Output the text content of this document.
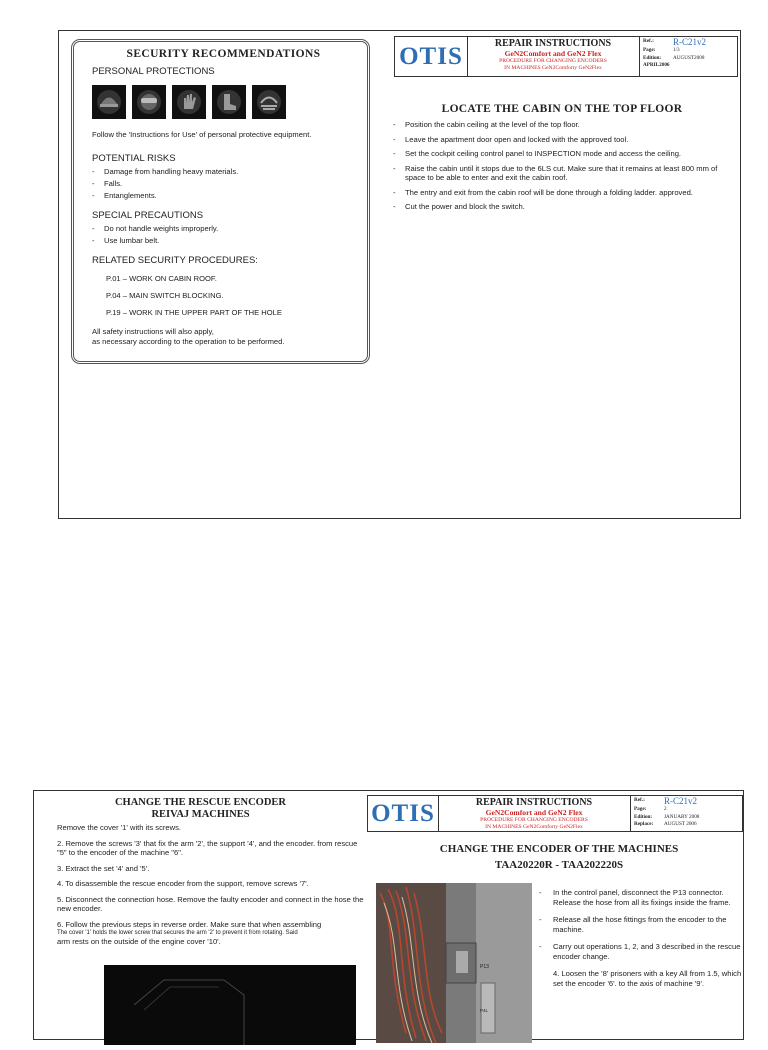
SECURITY RECOMMENDATIONS
PERSONAL PROTECTIONS
Follow the 'Instructions for Use' of personal protective equipment.
POTENTIAL RISKS
- Damage from handling heavy materials.
- Falls.
- Entanglements.
SPECIAL PRECAUTIONS
- Do not handle weights improperly.
- Use lumbar belt.
RELATED SECURITY PROCEDURES:
P.01 – WORK ON CABIN ROOF.
P.04 – MAIN SWITCH BLOCKING.
P.19 – WORK IN THE UPPER PART OF THE HOLE
All safety instructions will also apply,
as necessary according to the operation to be performed.
OTIS	REPAIR INSTRUCTIONS
GeN2Comfort and GeN2 Flex
PROCEDURE FOR CHANGING ENCODERS
IN MACHINES GeN2Comforty GeN2Flex
Ref.:	R-C21v2
Page:	1/3
Edition:	AUGUST2008
APRIL2006
LOCATE THE CABIN ON THE TOP FLOOR
- Position the cabin ceiling at the level of the top floor.
- Leave the apartment door open and locked with the approved tool.
- Set the cockpit ceiling control panel to INSPECTION mode and access the ceiling.
- Raise the cabin until it stops due to the 6LS cut. Make sure that it remains at least 800 mm of space to be able to enter and exit the cabin roof.
- The entry and exit from the cabin roof will be done through a folding ladder. approved.
- Cut the power and block the switch.
CHANGE THE RESCUE ENCODER
REIVAJ MACHINES

Remove the cover '1' with its screws.

2. Remove the screws '3' that fix the arm '2', the support '4', and the encoder. from rescue "5" to the encoder of the machine "6".

3. Extract the set '4' and '5'.

4. To disassemble the rescue encoder from the support, remove screws '7'.

5. Disconnect the connection hose. Remove the faulty encoder and connect in the hose the new encoder.

6. Follow the previous steps in reverse order. Make sure that when assembling

The cover '1' holds the lower screw that secures the arm '2' to prevent it from rotating. Said

arm rests on the outside of the engine cover '10'.

OTIS	REPAIR INSTRUCTIONS
GeN2Comfort and GeN2 Flex
PROCEDURE FOR CHANGING ENCODERS
IN MACHINES GeN2Comforty GeN2Flex
Ref.:	R-C21v2
Page:	2
Edition:	JANUARY 2008
Replace:	AUGUST 2006
CHANGE THE ENCODER OF THE MACHINES
TAA20220R - TAA202220S
P13
P4L

- In the control panel, disconnect the P13 connector. Release the hose from all its fixings inside the frame.

- Release all the hose fittings from the encoder to the machine.

- Carry out operations 1, 2, and 3 described in the rescue encoder change.

4. Loosen the '8' prisoners with a key All from 1.5, which set the encoder '6'. to the axis of machine '9'.
